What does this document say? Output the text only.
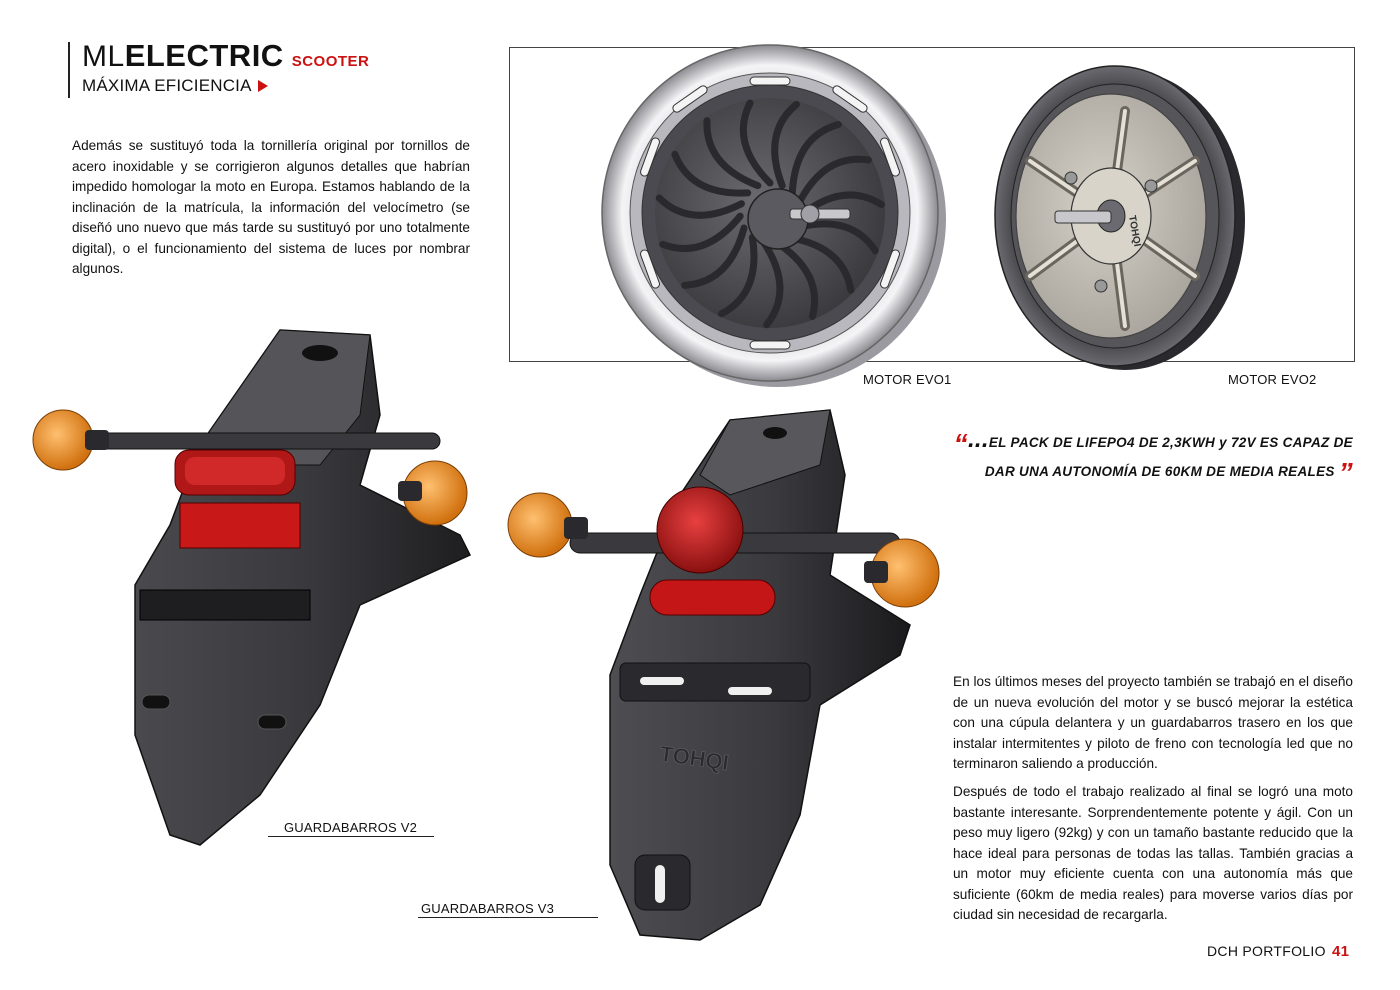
MLELECTRIC SCOOTER
MÁXIMA EFICIENCIA
Además se sustituyó toda la tornillería original por tornillos de acero inoxidable y se corrigieron algunos detalles que habrían impedido homologar la moto en Europa. Estamos hablando de la inclinación de la matrícula, la información del velocímetro (se diseñó uno nuevo que más tarde su sustituyó por uno totalmente digital), o el funcionamiento del sistema de luces por nombrar algunos.
TOHQI
MOTOR EVO1	MOTOR EVO2
“...EL PACK DE LIFEPO4 DE 2,3KWH y 72V ES CAPAZ DE DAR UNA AUTONOMÍA DE 60KM DE MEDIA REALES ”
GUARDABARROS V2
TOHQI
GUARDABARROS V3

En los últimos meses del proyecto también se trabajó en el diseño de un nueva evolución del motor y se buscó mejorar la estética con una cúpula delantera y un guardabarros trasero en los que instalar intermitentes y piloto de freno con tecnología led que no terminaron saliendo a producción.

Después de todo el trabajo realizado al final se logró una moto bastante interesante. Sorprendentemente potente y ágil. Con un peso muy ligero (92kg) y con un tamaño bastante reducido que la hace ideal para personas de todas las tallas. También gracias a un motor muy eficiente cuenta con una autonomía más que suficiente (60km de media reales) para moverse varios días por ciudad sin necesidad de recargarla.

DCH PORTFOLIO 41
